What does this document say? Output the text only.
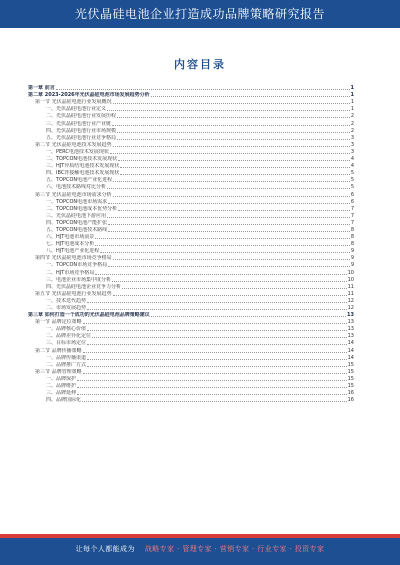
光伏晶硅电池企业打造成功品牌策略研究报告
内容目录
第一章 前言	1
第二章 2023-2026年光伏晶硅电池市场发展趋势分析	1
第一节 光伏晶硅电池行业发展概况	1
一、光伏晶硅电池行业定义	1
二、光伏晶硅电池行业发展历程	2
三、光伏晶硅电池行业产业链	2
四、光伏晶硅电池行业市场规模	2
五、光伏晶硅电池行业竞争格局	3
第二节 光伏晶硅电池技术发展趋势	3
一、PERC电池技术发展现状	3
二、TOPCON电池技术发展现状	4
三、HJT异质结电池技术发展现状	4
四、IBC背接触电池技术发展现状	5
五、TOPCON电池产业化进程	5
六、电池技术路线对比分析	5
第三节 光伏晶硅电池市场需求分析	6
一、TOPCON电池市场需求	6
二、TOPCON电池成本优势分析	7
三、光伏晶硅电池下游应用	7
四、TOPCON电池产能扩张	7
五、TOPCON电池技术路线	8
六、HJT电池市场前景	8
七、HJT电池成本分析	8
八、HJT电池产业化进程	9
第四节 光伏晶硅电池市场竞争格局	9
一、TOPCON市场竞争格局	9
二、HJT市场竞争格局	10
三、电池企业市场集中度分析	10
四、光伏晶硅电池企业竞争力分析	11
第五节 光伏晶硅电池行业发展趋势	11
一、技术迭代趋势	12
二、市场发展趋势	12
第三章 如何打造一个成功的光伏晶硅电池品牌策略建议	13
第一节 品牌定位策略	13
一、品牌核心价值	13
二、品牌差异化定位	13
三、目标市场定位	14
第二节 品牌传播策略	14
一、品牌传播渠道	14
二、品牌推广方式	15
第三节 品牌管理策略	15
一、品牌保护	15
二、品牌维护	15
三、品牌延伸	16
四、品牌国际化	16
让每个人都能成为 战略专家 · 管理专家 · 营销专家 · 行业专家 · 投资专家
